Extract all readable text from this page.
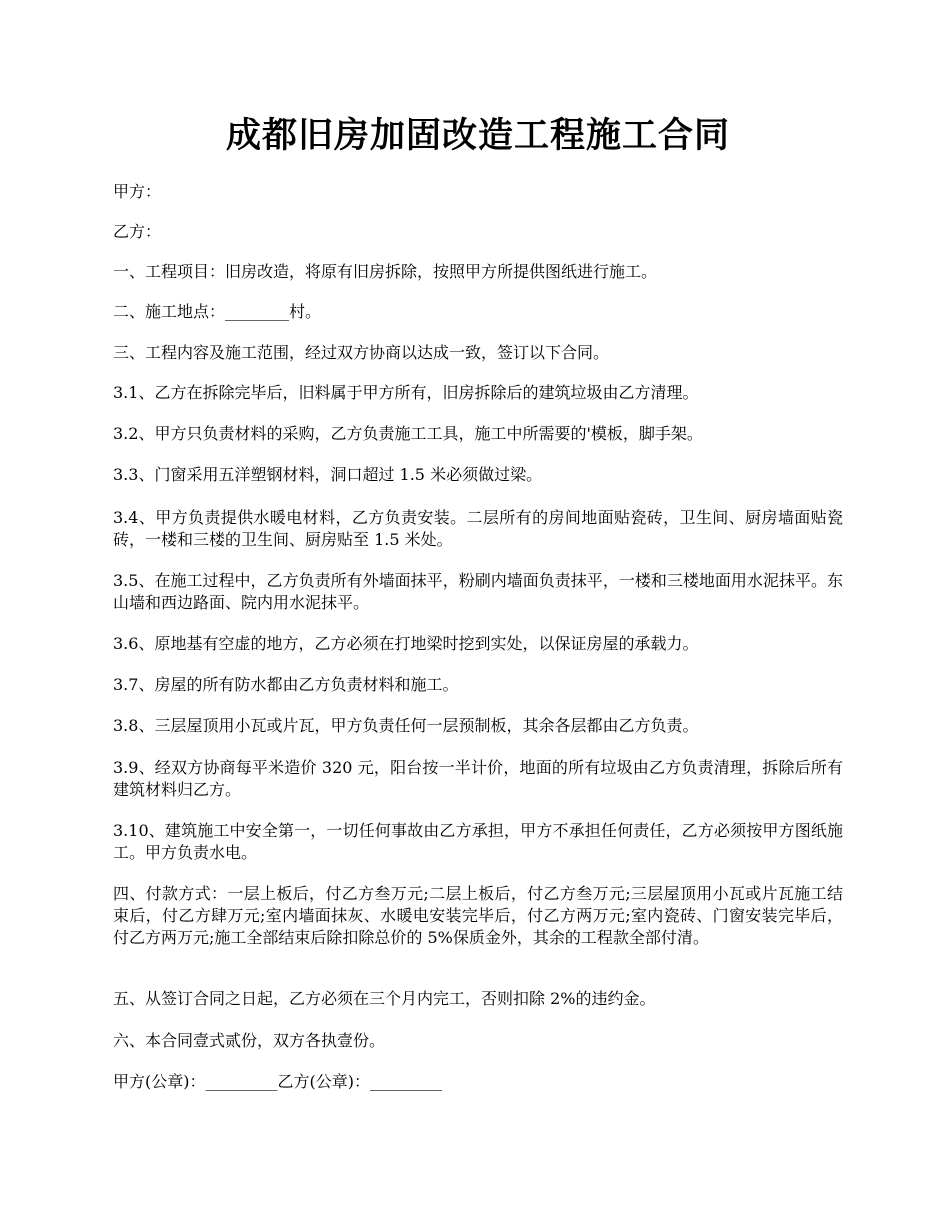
成都旧房加固改造工程施工合同

甲方：

乙方：

一、工程项目：旧房改造，将原有旧房拆除，按照甲方所提供图纸进行施工。

二、施工地点：________村。

三、工程内容及施工范围，经过双方协商以达成一致，签订以下合同。

3.1、乙方在拆除完毕后，旧料属于甲方所有，旧房拆除后的建筑垃圾由乙方清理。

3.2、甲方只负责材料的采购，乙方负责施工工具，施工中所需要的'模板，脚手架。

3.3、门窗采用五洋塑钢材料，洞口超过 1.5 米必须做过梁。

3.4、甲方负责提供水暖电材料，乙方负责安装。二层所有的房间地面贴瓷砖，卫生间、厨房墙面贴瓷砖，一楼和三楼的卫生间、厨房贴至 1.5 米处。

3.5、在施工过程中，乙方负责所有外墙面抹平，粉刷内墙面负责抹平，一楼和三楼地面用水泥抹平。东山墙和西边路面、院内用水泥抹平。

3.6、原地基有空虚的地方，乙方必须在打地梁时挖到实处，以保证房屋的承载力。

3.7、房屋的所有防水都由乙方负责材料和施工。

3.8、三层屋顶用小瓦或片瓦，甲方负责任何一层预制板，其余各层都由乙方负责。

3.9、经双方协商每平米造价 320 元，阳台按一半计价，地面的所有垃圾由乙方负责清理，拆除后所有建筑材料归乙方。

3.10、建筑施工中安全第一，一切任何事故由乙方承担，甲方不承担任何责任，乙方必须按甲方图纸施工。甲方负责水电。

四、付款方式：一层上板后，付乙方叁万元;二层上板后，付乙方叁万元;三层屋顶用小瓦或片瓦施工结束后，付乙方肆万元;室内墙面抹灰、水暖电安装完毕后，付乙方两万元;室内瓷砖、门窗安装完毕后，付乙方两万元;施工全部结束后除扣除总价的 5%保质金外，其余的工程款全部付清。

五、从签订合同之日起，乙方必须在三个月内完工，否则扣除 2%的违约金。

六、本合同壹式贰份，双方各执壹份。

甲方(公章)：_________乙方(公章)：_________
